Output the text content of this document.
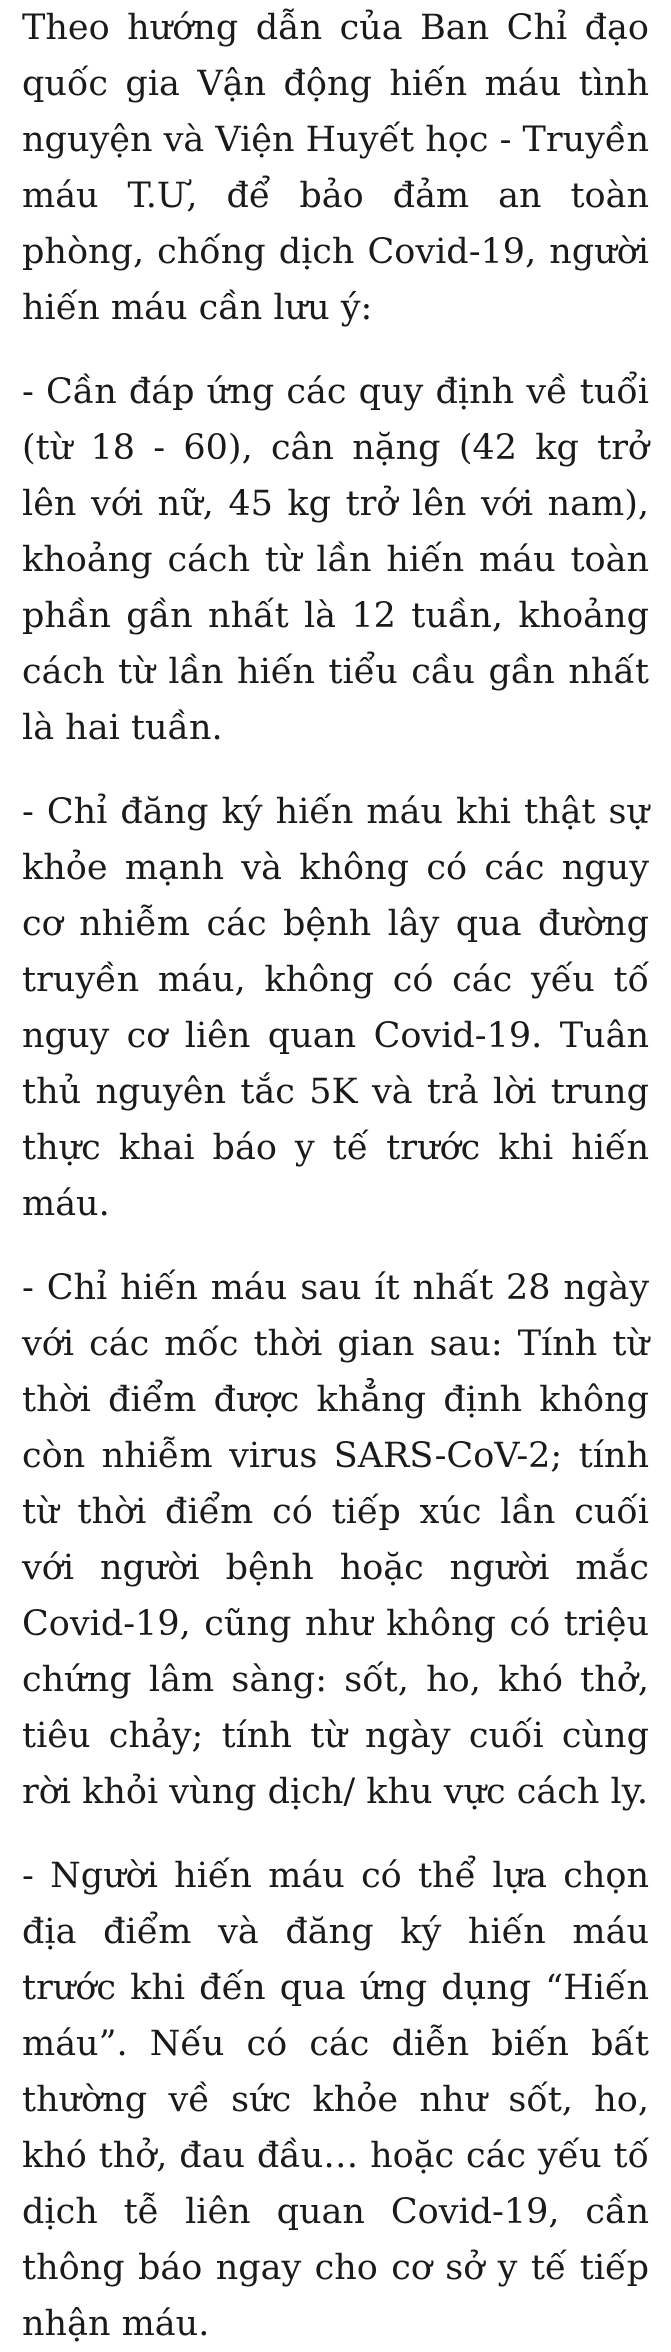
Theo hướng dẫn của Ban Chỉ đạo quốc gia Vận động hiến máu tình nguyện và Viện Huyết học - Truyền máu T.Ư, để bảo đảm an toàn phòng, chống dịch Covid-19, người hiến máu cần lưu ý:

- Cần đáp ứng các quy định về tuổi (từ 18 - 60), cân nặng (42 kg trở lên với nữ, 45 kg trở lên với nam), khoảng cách từ lần hiến máu toàn phần gần nhất là 12 tuần, khoảng cách từ lần hiến tiểu cầu gần nhất là hai tuần.

- Chỉ đăng ký hiến máu khi thật sự khỏe mạnh và không có các nguy cơ nhiễm các bệnh lây qua đường truyền máu, không có các yếu tố nguy cơ liên quan Covid-19. Tuân thủ nguyên tắc 5K và trả lời trung thực khai báo y tế trước khi hiến máu.

- Chỉ hiến máu sau ít nhất 28 ngày với các mốc thời gian sau: Tính từ thời điểm được khẳng định không còn nhiễm virus SARS-CoV-2; tính từ thời điểm có tiếp xúc lần cuối với người bệnh hoặc người mắc Covid-19, cũng như không có triệu chứng lâm sàng: sốt, ho, khó thở, tiêu chảy; tính từ ngày cuối cùng rời khỏi vùng dịch/ khu vực cách ly.

- Người hiến máu có thể lựa chọn địa điểm và đăng ký hiến máu trước khi đến qua ứng dụng “Hiến máu”. Nếu có các diễn biến bất thường về sức khỏe như sốt, ho, khó thở, đau đầu… hoặc các yếu tố dịch tễ liên quan Covid-19, cần thông báo ngay cho cơ sở y tế tiếp nhận máu.
